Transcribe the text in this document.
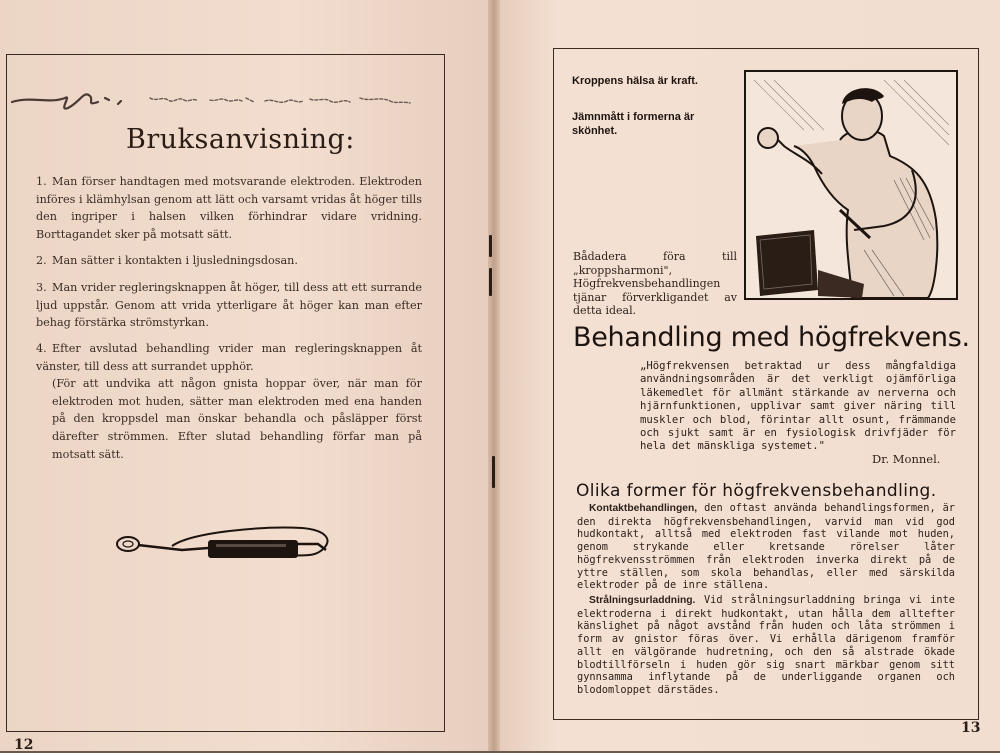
Bruksanvisning:
1. Man förser handtagen med motsvarande elektroden. Elektroden införes i klämhylsan genom att lätt och varsamt vridas åt höger tills den ingriper i halsen vilken förhindrar vidare vridning. Borttagandet sker på motsatt sätt.
2. Man sätter i kontakten i ljusledningsdosan.
3. Man vrider regleringsknappen åt höger, till dess att ett surrande ljud uppstår. Genom att vrida ytterligare åt höger kan man efter behag förstärka strömstyrkan.
4. Efter avslutad behandling vrider man regleringsknappen åt vänster, till dess att surrandet upphör.
(För att undvika att någon gnista hoppar över, när man för elektroden mot huden, sätter man elektroden med ena handen på den kroppsdel man önskar behandla och påsläpper först därefter strömmen. Efter slutad behandling förfar man på motsatt sätt.
12
Kroppens hälsa är kraft.
Jämnmått i formerna är skönhet.
Bådadera föra till „kroppsharmoni", Högfrekvensbehandlingen tjänar förverkligandet av detta ideal.
Behandling med högfrekvens.
„Högfrekvensen betraktad ur dess mångfaldiga användningsområden är det verkligt ojämförliga läkemedlet för allmänt stärkande av nerverna och hjärnfunktionen, upplivar samt giver näring till muskler och blod, förintar allt osunt, främmande och sjukt samt är en fysiologisk drivfjäder för hela det mänskliga systemet."
Dr. Monnel.
Olika former för högfrekvensbehandling.
Kontaktbehandlingen, den oftast använda behandlingsformen, är den direkta högfrekvensbehandlingen, varvid man vid god hudkontakt, alltså med elektroden fast vilande mot huden, genom strykande eller kretsande rörelser låter högfrekvensströmmen från elektroden inverka direkt på de yttre ställen, som skola behandlas, eller med särskilda elektroder på de inre ställena.
Strålningsurladdning. Vid strålningsurladdning bringa vi inte elektroderna i direkt hudkontakt, utan hålla dem alltefter känslighet på något avstånd från huden och låta strömmen i form av gnistor föras över. Vi erhålla därigenom framför allt en välgörande hudretning, och den så alstrade ökade blodtillförseln i huden gör sig snart märkbar genom sitt gynnsamma inflytande på de underliggande organen och blodomloppet därstädes.
13
